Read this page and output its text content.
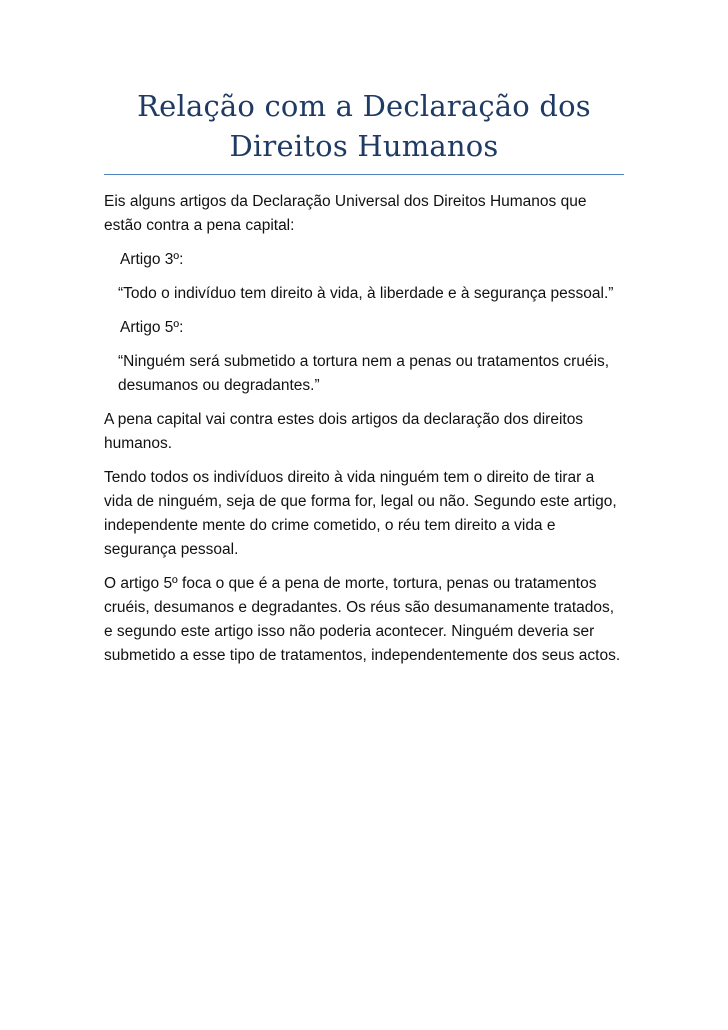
Relação com a Declaração dos
Direitos Humanos

Eis alguns artigos da Declaração Universal dos Direitos Humanos que estão contra a pena capital:

Artigo 3º:

“Todo o indivíduo tem direito à vida, à liberdade e à segurança pessoal.”

Artigo 5º:

“Ninguém será submetido a tortura nem a penas ou tratamentos cruéis, desumanos ou degradantes.”

A pena capital vai contra estes dois artigos da declaração dos direitos humanos.

Tendo todos os indivíduos direito à vida ninguém tem o direito de tirar a vida de ninguém, seja de que forma for, legal ou não. Segundo este artigo, independente mente do crime cometido, o réu tem direito a vida e segurança pessoal.

O artigo 5º foca o que é a pena de morte, tortura, penas ou tratamentos cruéis, desumanos e degradantes. Os réus são desumanamente tratados, e segundo este artigo isso não poderia acontecer. Ninguém deveria ser submetido a esse tipo de tratamentos, independentemente dos seus actos.
